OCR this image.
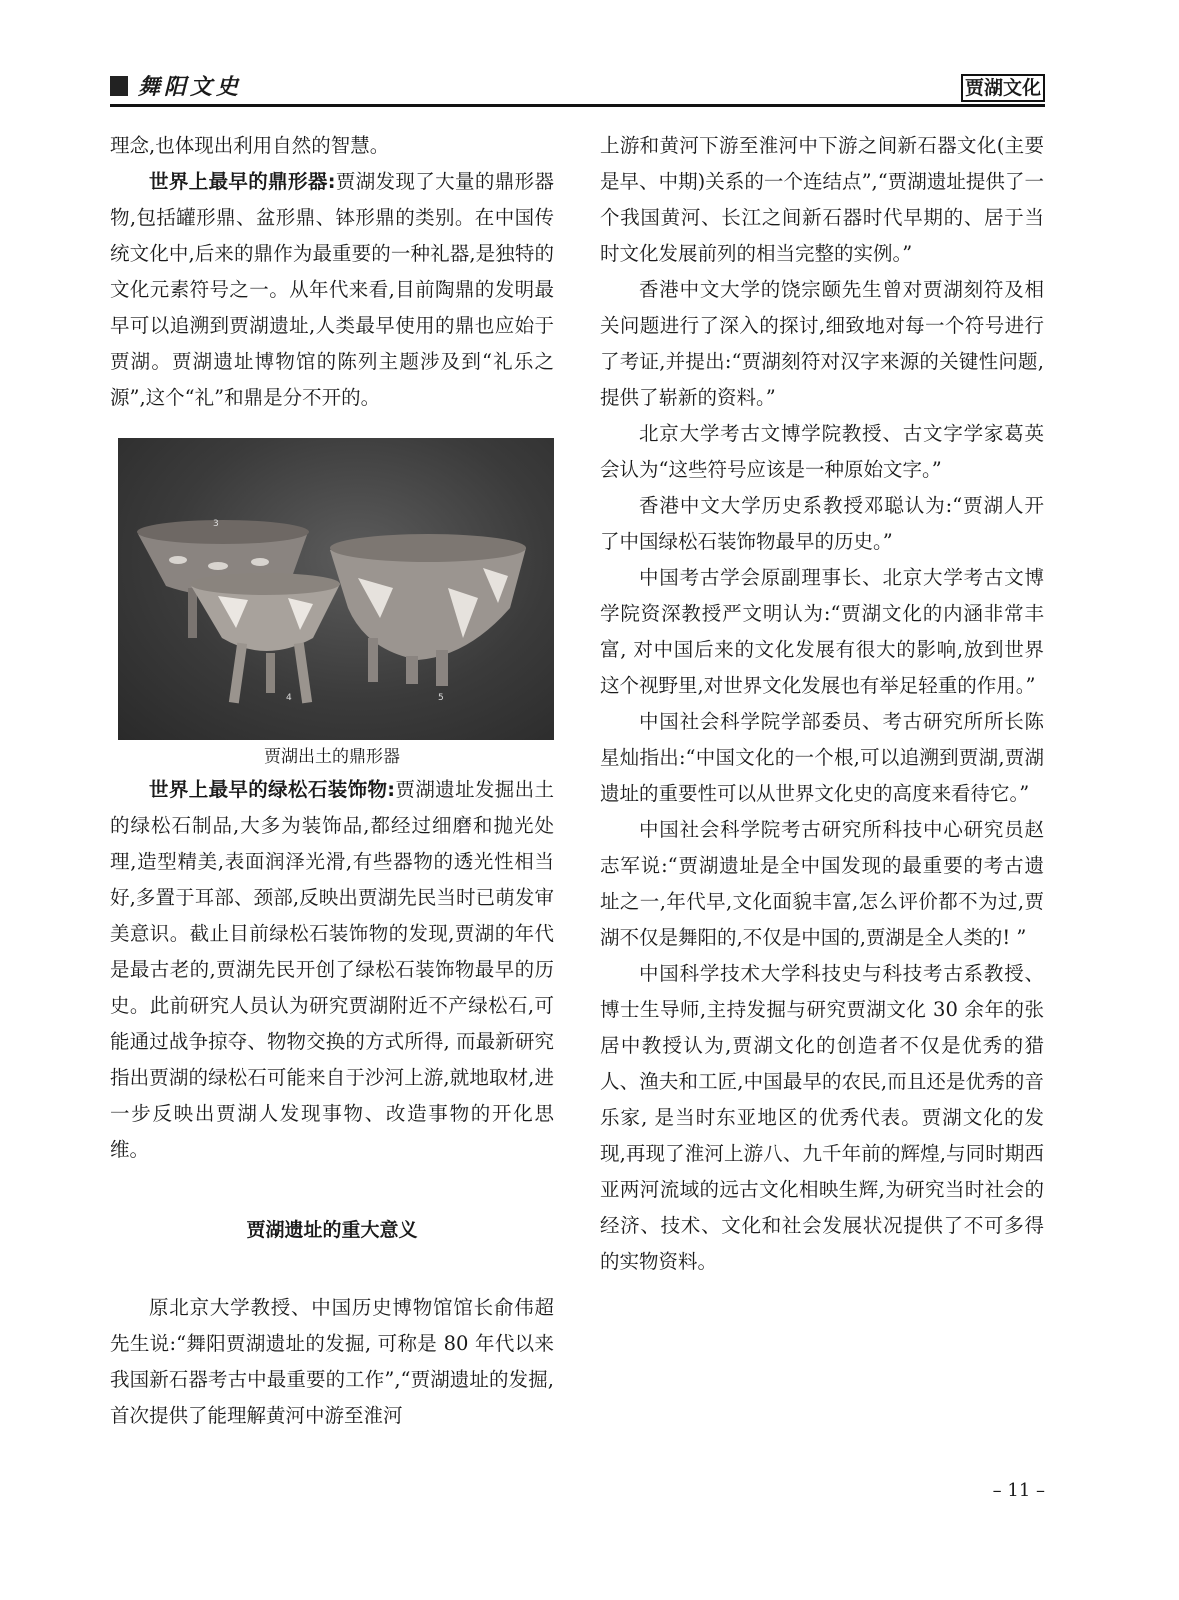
舞阳文史	贾湖文化

理念,也体现出利用自然的智慧。

世界上最早的鼎形器:贾湖发现了大量的鼎形器物,包括罐形鼎、盆形鼎、钵形鼎的类别。在中国传统文化中,后来的鼎作为最重要的一种礼器,是独特的文化元素符号之一。从年代来看,目前陶鼎的发明最早可以追溯到贾湖遗址,人类最早使用的鼎也应始于贾湖。贾湖遗址博物馆的陈列主题涉及到“礼乐之源”,这个“礼”和鼎是分不开的。

3
4	5
贾湖出土的鼎形器

世界上最早的绿松石装饰物:贾湖遗址发掘出土的绿松石制品,大多为装饰品,都经过细磨和抛光处理,造型精美,表面润泽光滑,有些器物的透光性相当好,多置于耳部、颈部,反映出贾湖先民当时已萌发审美意识。截止目前绿松石装饰物的发现,贾湖的年代是最古老的,贾湖先民开创了绿松石装饰物最早的历史。此前研究人员认为研究贾湖附近不产绿松石,可能通过战争掠夺、物物交换的方式所得, 而最新研究指出贾湖的绿松石可能来自于沙河上游,就地取材,进一步反映出贾湖人发现事物、改造事物的开化思维。

贾湖遗址的重大意义

原北京大学教授、中国历史博物馆馆长俞伟超先生说:“舞阳贾湖遗址的发掘, 可称是 80 年代以来我国新石器考古中最重要的工作”,“贾湖遗址的发掘,首次提供了能理解黄河中游至淮河

上游和黄河下游至淮河中下游之间新石器文化(主要是早、中期)关系的一个连结点”,“贾湖遗址提供了一个我国黄河、长江之间新石器时代早期的、居于当时文化发展前列的相当完整的实例。”

香港中文大学的饶宗颐先生曾对贾湖刻符及相关问题进行了深入的探讨,细致地对每一个符号进行了考证,并提出:“贾湖刻符对汉字来源的关键性问题,提供了崭新的资料。”

北京大学考古文博学院教授、古文字学家葛英会认为“这些符号应该是一种原始文字。”

香港中文大学历史系教授邓聪认为:“贾湖人开了中国绿松石装饰物最早的历史。”

中国考古学会原副理事长、北京大学考古文博学院资深教授严文明认为:“贾湖文化的内涵非常丰富, 对中国后来的文化发展有很大的影响,放到世界这个视野里,对世界文化发展也有举足轻重的作用。”

中国社会科学院学部委员、考古研究所所长陈星灿指出:“中国文化的一个根,可以追溯到贾湖,贾湖遗址的重要性可以从世界文化史的高度来看待它。”

中国社会科学院考古研究所科技中心研究员赵志军说:“贾湖遗址是全中国发现的最重要的考古遗址之一,年代早,文化面貌丰富,怎么评价都不为过,贾湖不仅是舞阳的,不仅是中国的,贾湖是全人类的! ”

中国科学技术大学科技史与科技考古系教授、博士生导师,主持发掘与研究贾湖文化 30 余年的张居中教授认为,贾湖文化的创造者不仅是优秀的猎人、渔夫和工匠,中国最早的农民,而且还是优秀的音乐家, 是当时东亚地区的优秀代表。贾湖文化的发现,再现了淮河上游八、九千年前的辉煌,与同时期西亚两河流域的远古文化相映生辉,为研究当时社会的经济、技术、文化和社会发展状况提供了不可多得的实物资料。

– 11 –
